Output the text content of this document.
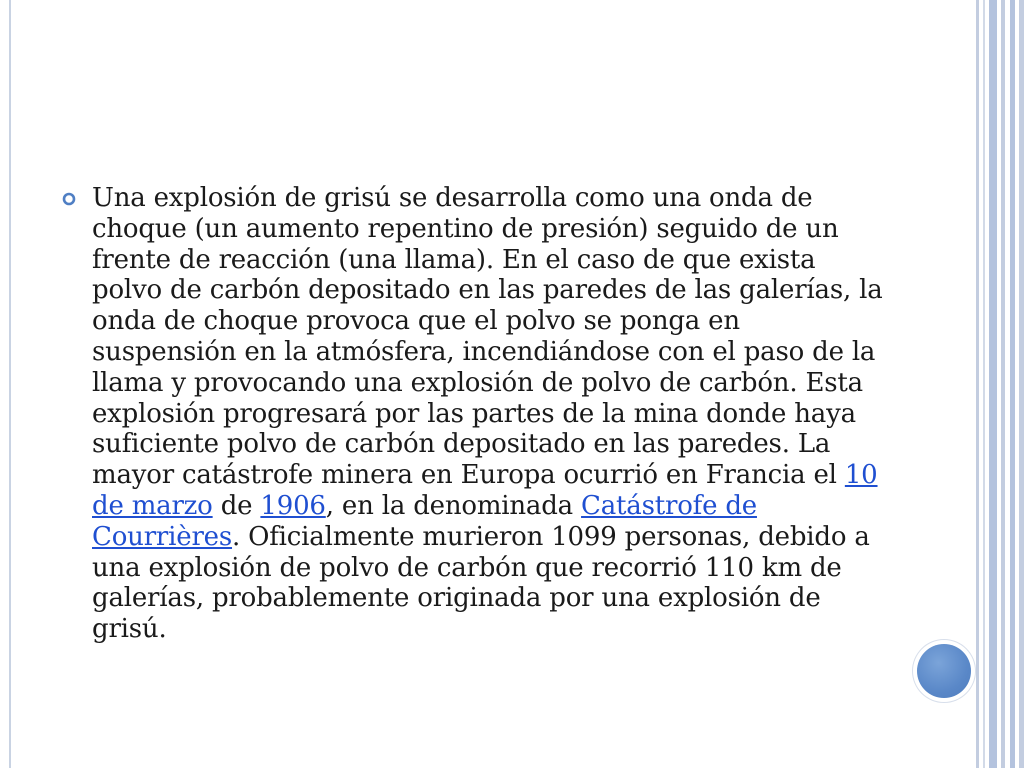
Una explosión de grisú se desarrolla como una onda de choque (un aumento repentino de presión) seguido de un frente de reacción (una llama). En el caso de que exista polvo de carbón depositado en las paredes de las galerías, la onda de choque provoca que el polvo se ponga en suspensión en la atmósfera, incendiándose con el paso de la llama y provocando una explosión de polvo de carbón. Esta explosión progresará por las partes de la mina donde haya suficiente polvo de carbón depositado en las paredes. La mayor catástrofe minera en Europa ocurrió en Francia el 10 de marzo de 1906, en la denominada Catástrofe de Courrières. Oficialmente murieron 1099 personas, debido a una explosión de polvo de carbón que recorrió 110 km de galerías, probablemente originada por una explosión de grisú.
